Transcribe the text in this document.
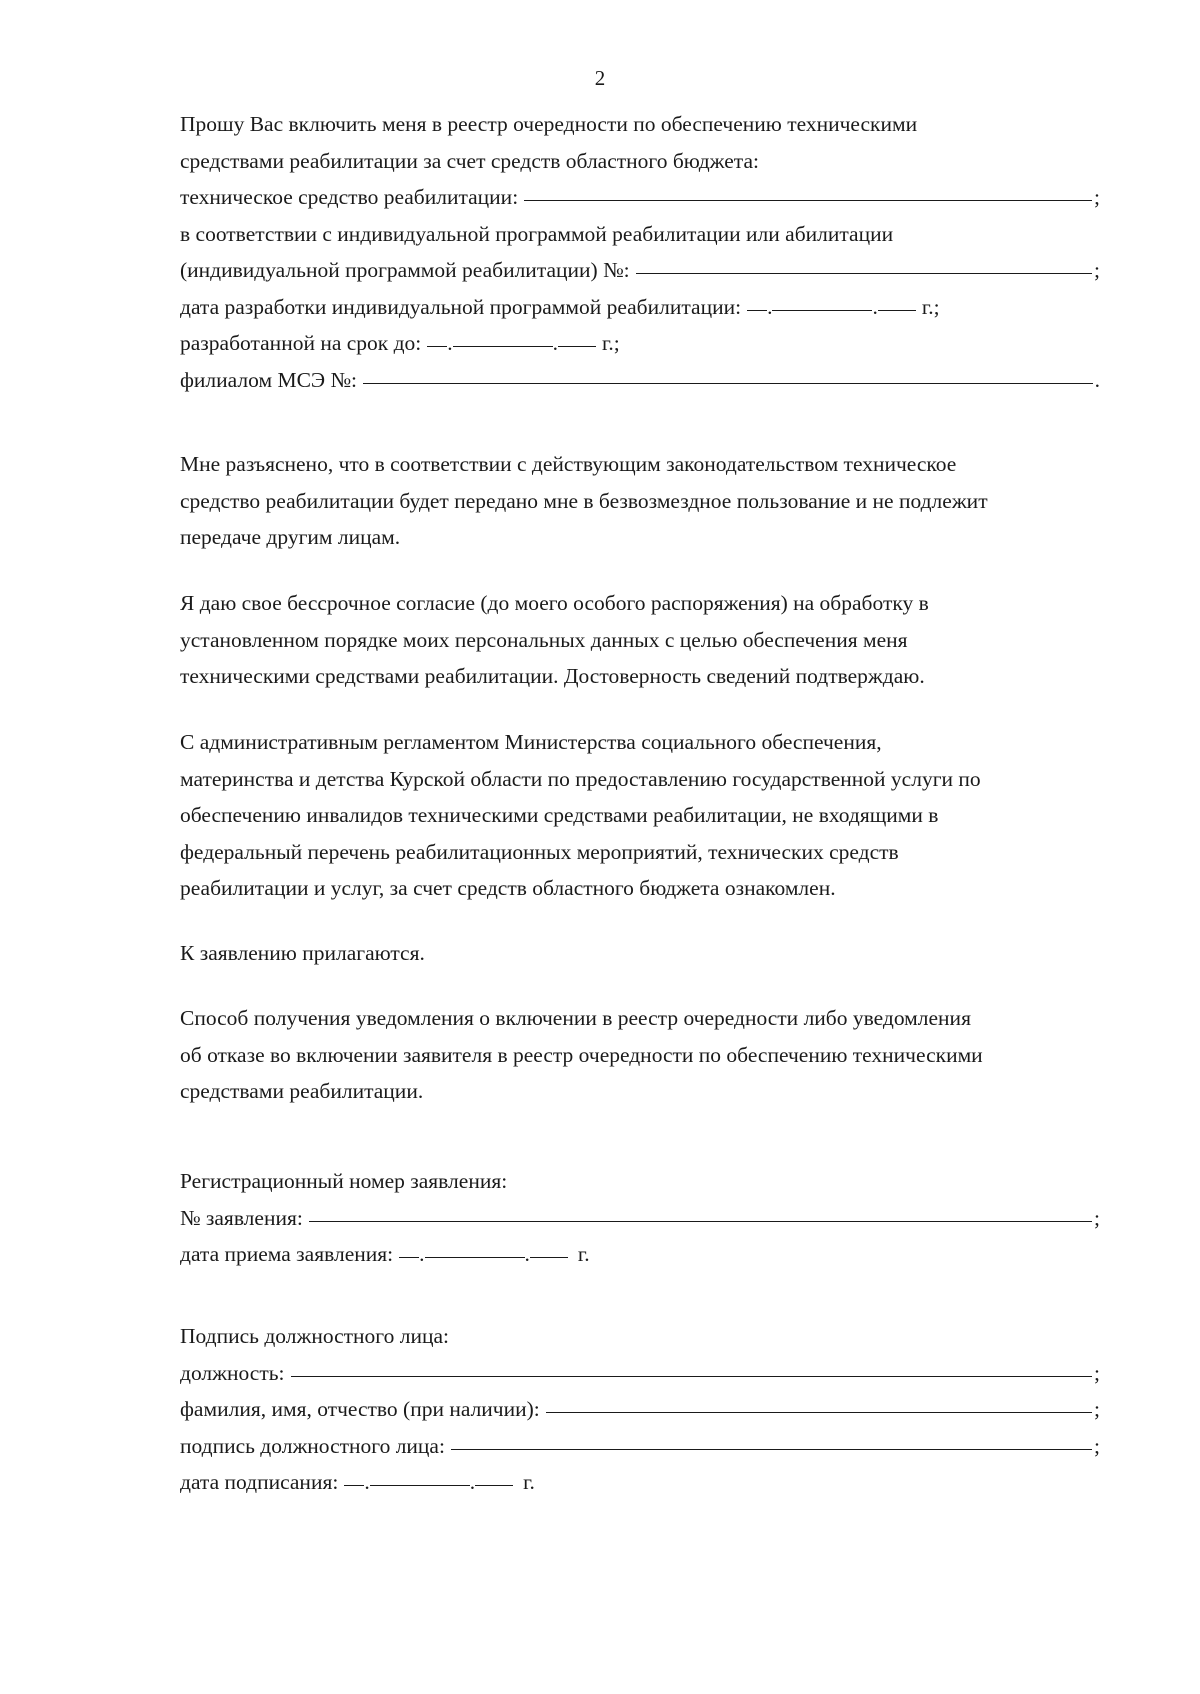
2
Прошу Вас включить меня в реестр очередности по обеспечению техническими
средствами реабилитации за счет средств областного бюджета:
техническое средство реабилитации:	;
в соответствии с индивидуальной программой реабилитации или абилитации
(индивидуальной программой реабилитации) №:	;
дата разработки индивидуальной программой реабилитации: .	. г.;
разработанной на срок до: .	. г.;
филиалом МСЭ №:	.
Мне разъяснено, что в соответствии с действующим законодательством техническое
средство реабилитации будет передано мне в безвозмездное пользование и не подлежит
передаче другим лицам.
Я даю свое бессрочное согласие (до моего особого распоряжения) на обработку в
установленном порядке моих персональных данных с целью обеспечения меня
техническими средствами реабилитации. Достоверность сведений подтверждаю.
С административным регламентом Министерства социального обеспечения,
материнства и детства Курской области по предоставлению государственной услуги по
обеспечению инвалидов техническими средствами реабилитации, не входящими в
федеральный перечень реабилитационных мероприятий, технических средств
реабилитации и услуг, за счет средств областного бюджета ознакомлен.
К заявлению прилагаются.
Способ получения уведомления о включении в реестр очередности либо уведомления
об отказе во включении заявителя в реестр очередности по обеспечению техническими
средствами реабилитации.
Регистрационный номер заявления:
№ заявления:	;
дата приема заявления: .	. г.
Подпись должностного лица:
должность:	;
фамилия, имя, отчество (при наличии):	;
подпись должностного лица:	;
дата подписания: .	. г.
